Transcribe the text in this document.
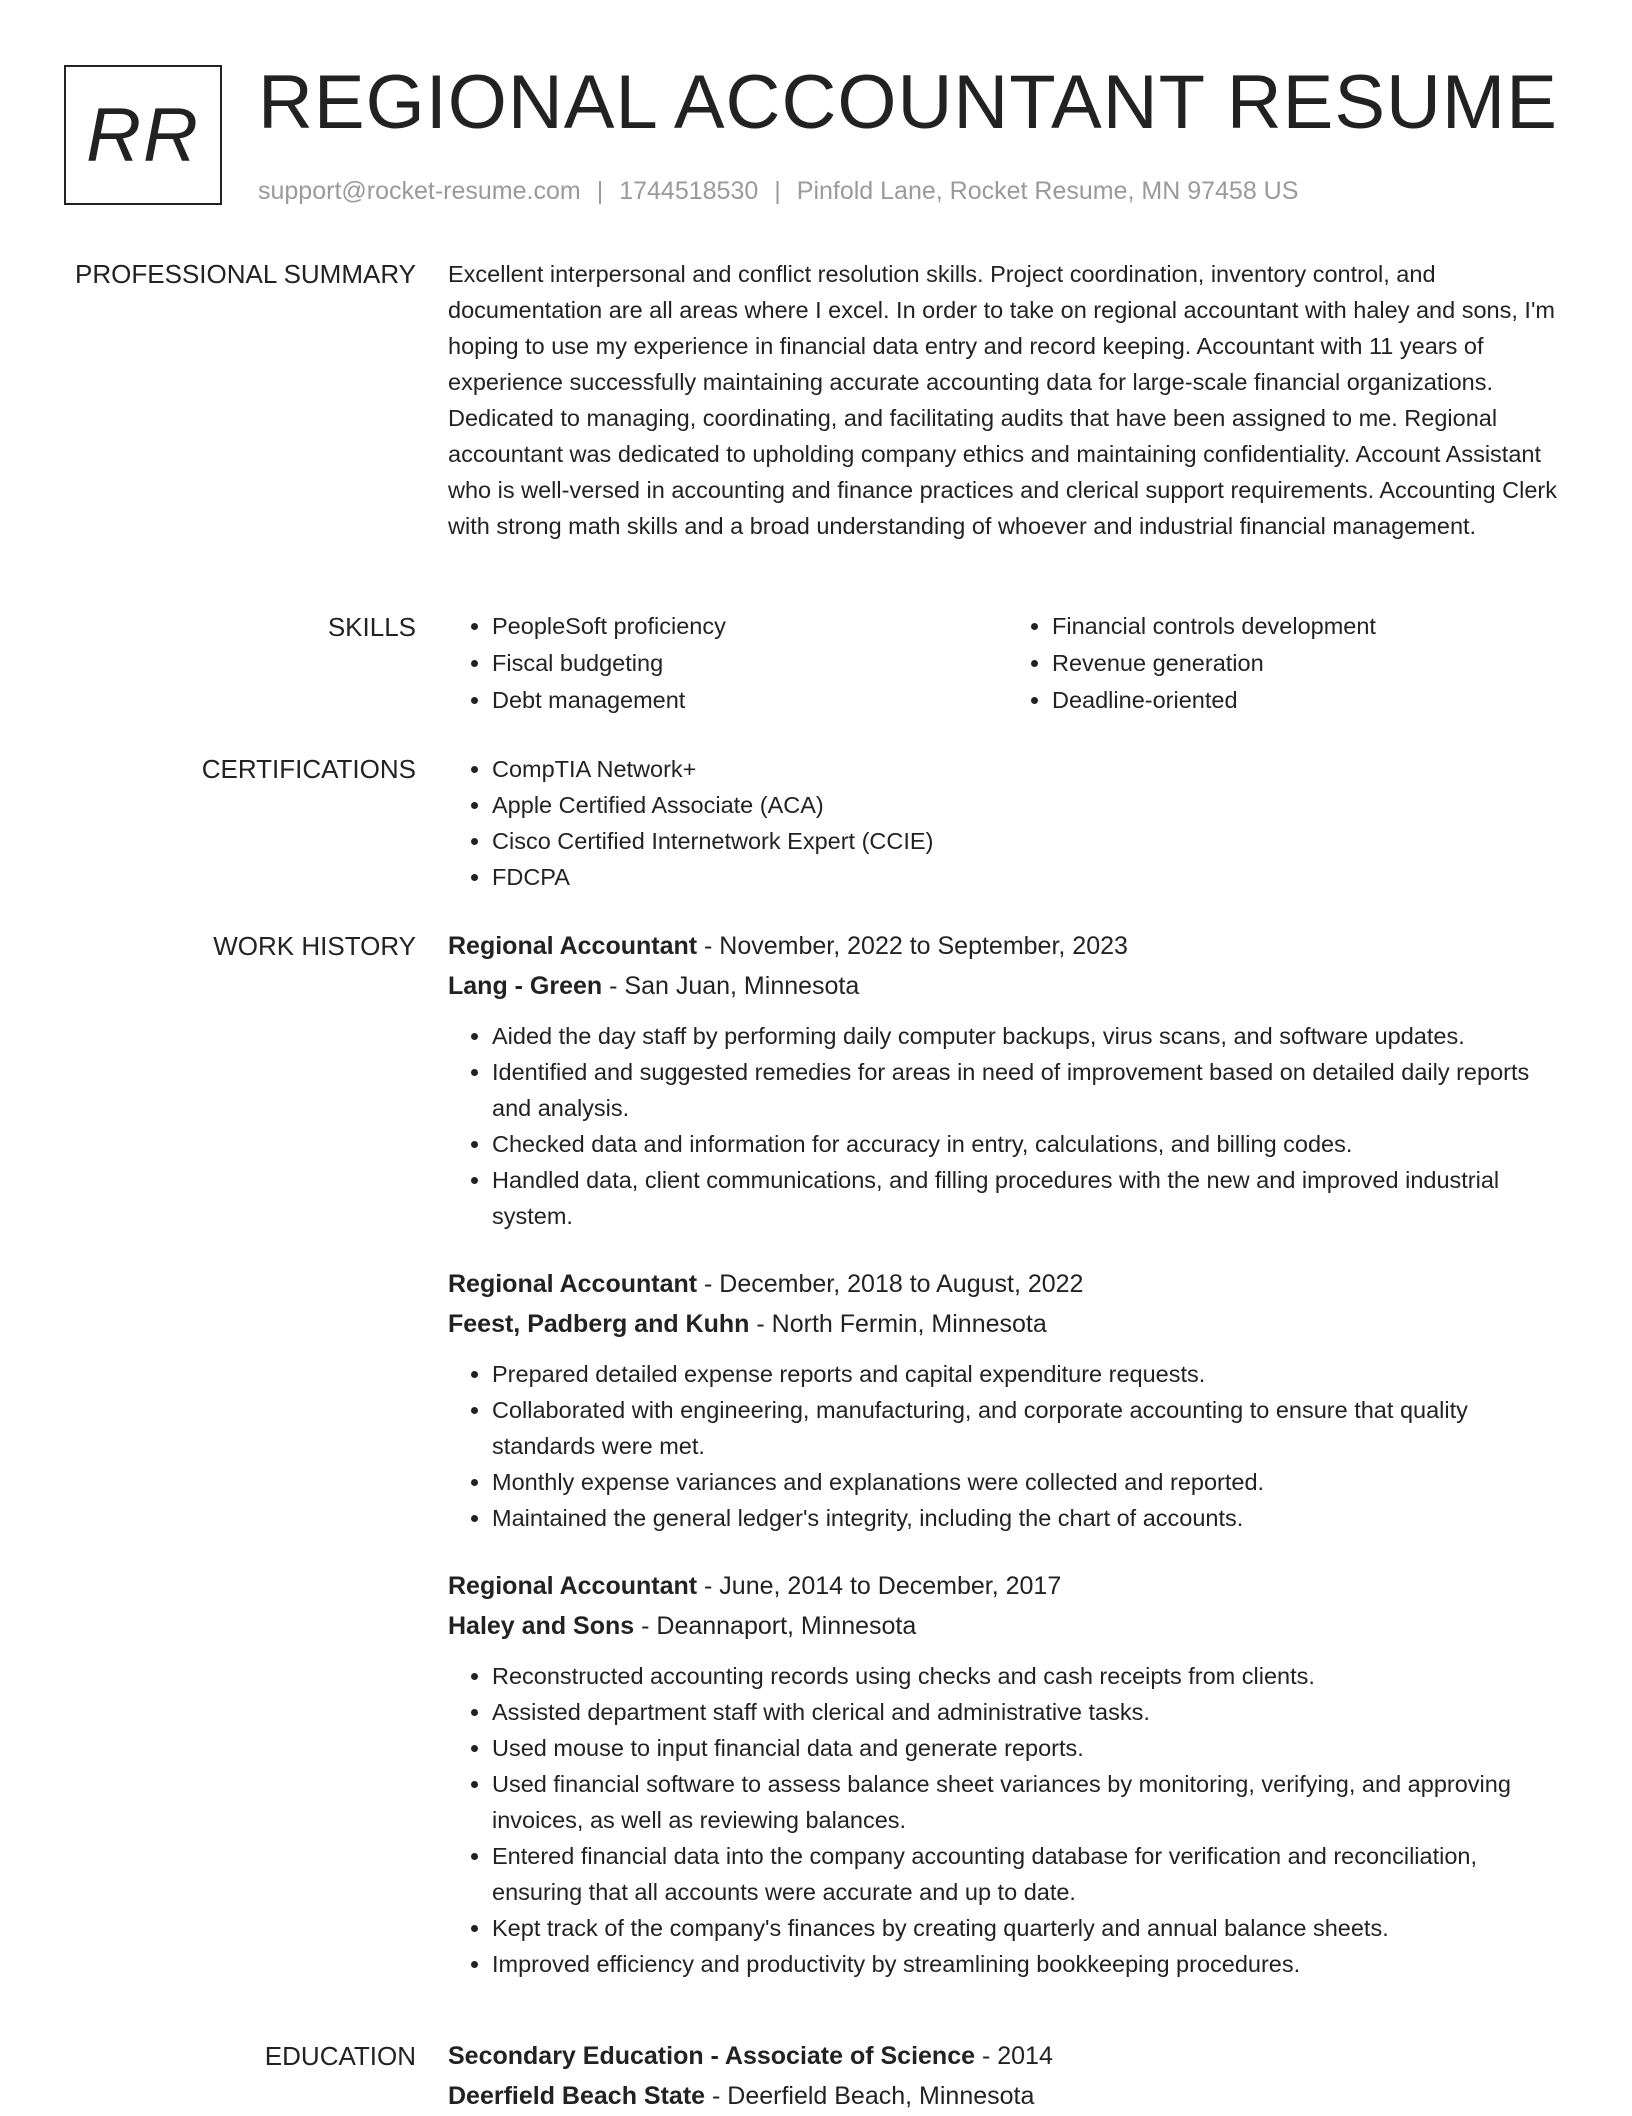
RR REGIONAL ACCOUNTANT RESUME
support@rocket-resume.com | 1744518530 | Pinfold Lane, Rocket Resume, MN 97458 US
PROFESSIONAL SUMMARY Excellent interpersonal and conflict resolution skills. Project coordination, inventory control, and documentation are all areas where I excel. In order to take on regional accountant with haley and sons, I'm hoping to use my experience in financial data entry and record keeping. Accountant with 11 years of experience successfully maintaining accurate accounting data for large-scale financial organizations. Dedicated to managing, coordinating, and facilitating audits that have been assigned to me. Regional accountant was dedicated to upholding company ethics and maintaining confidentiality. Account Assistant who is well-versed in accounting and finance practices and clerical support requirements. Accounting Clerk with strong math skills and a broad understanding of whoever and industrial financial management.

SKILLS	• PeopleSoft proficiency
• Fiscal budgeting
• Debt management
• Financial controls development
• Revenue generation
• Deadline-oriented
CERTIFICATIONS	• CompTIA Network+
• Apple Certified Associate (ACA)
• Cisco Certified Internetwork Expert (CCIE)
• FDCPA
WORK HISTORY Regional Accountant - November, 2022 to September, 2023
Lang - Green - San Juan, Minnesota
• Aided the day staff by performing daily computer backups, virus scans, and software updates.
• Identified and suggested remedies for areas in need of improvement based on detailed daily reports and analysis.
• Checked data and information for accuracy in entry, calculations, and billing codes.
• Handled data, client communications, and filling procedures with the new and improved industrial system.
Regional Accountant - December, 2018 to August, 2022
Feest, Padberg and Kuhn - North Fermin, Minnesota
• Prepared detailed expense reports and capital expenditure requests.
• Collaborated with engineering, manufacturing, and corporate accounting to ensure that quality standards were met.
• Monthly expense variances and explanations were collected and reported.
• Maintained the general ledger's integrity, including the chart of accounts.
Regional Accountant - June, 2014 to December, 2017
Haley and Sons - Deannaport, Minnesota
• Reconstructed accounting records using checks and cash receipts from clients.
• Assisted department staff with clerical and administrative tasks.
• Used mouse to input financial data and generate reports.
• Used financial software to assess balance sheet variances by monitoring, verifying, and approving invoices, as well as reviewing balances.
• Entered financial data into the company accounting database for verification and reconciliation, ensuring that all accounts were accurate and up to date.
• Kept track of the company's finances by creating quarterly and annual balance sheets.
• Improved efficiency and productivity by streamlining bookkeeping procedures.
EDUCATION Secondary Education - Associate of Science - 2014
Deerfield Beach State - Deerfield Beach, Minnesota
